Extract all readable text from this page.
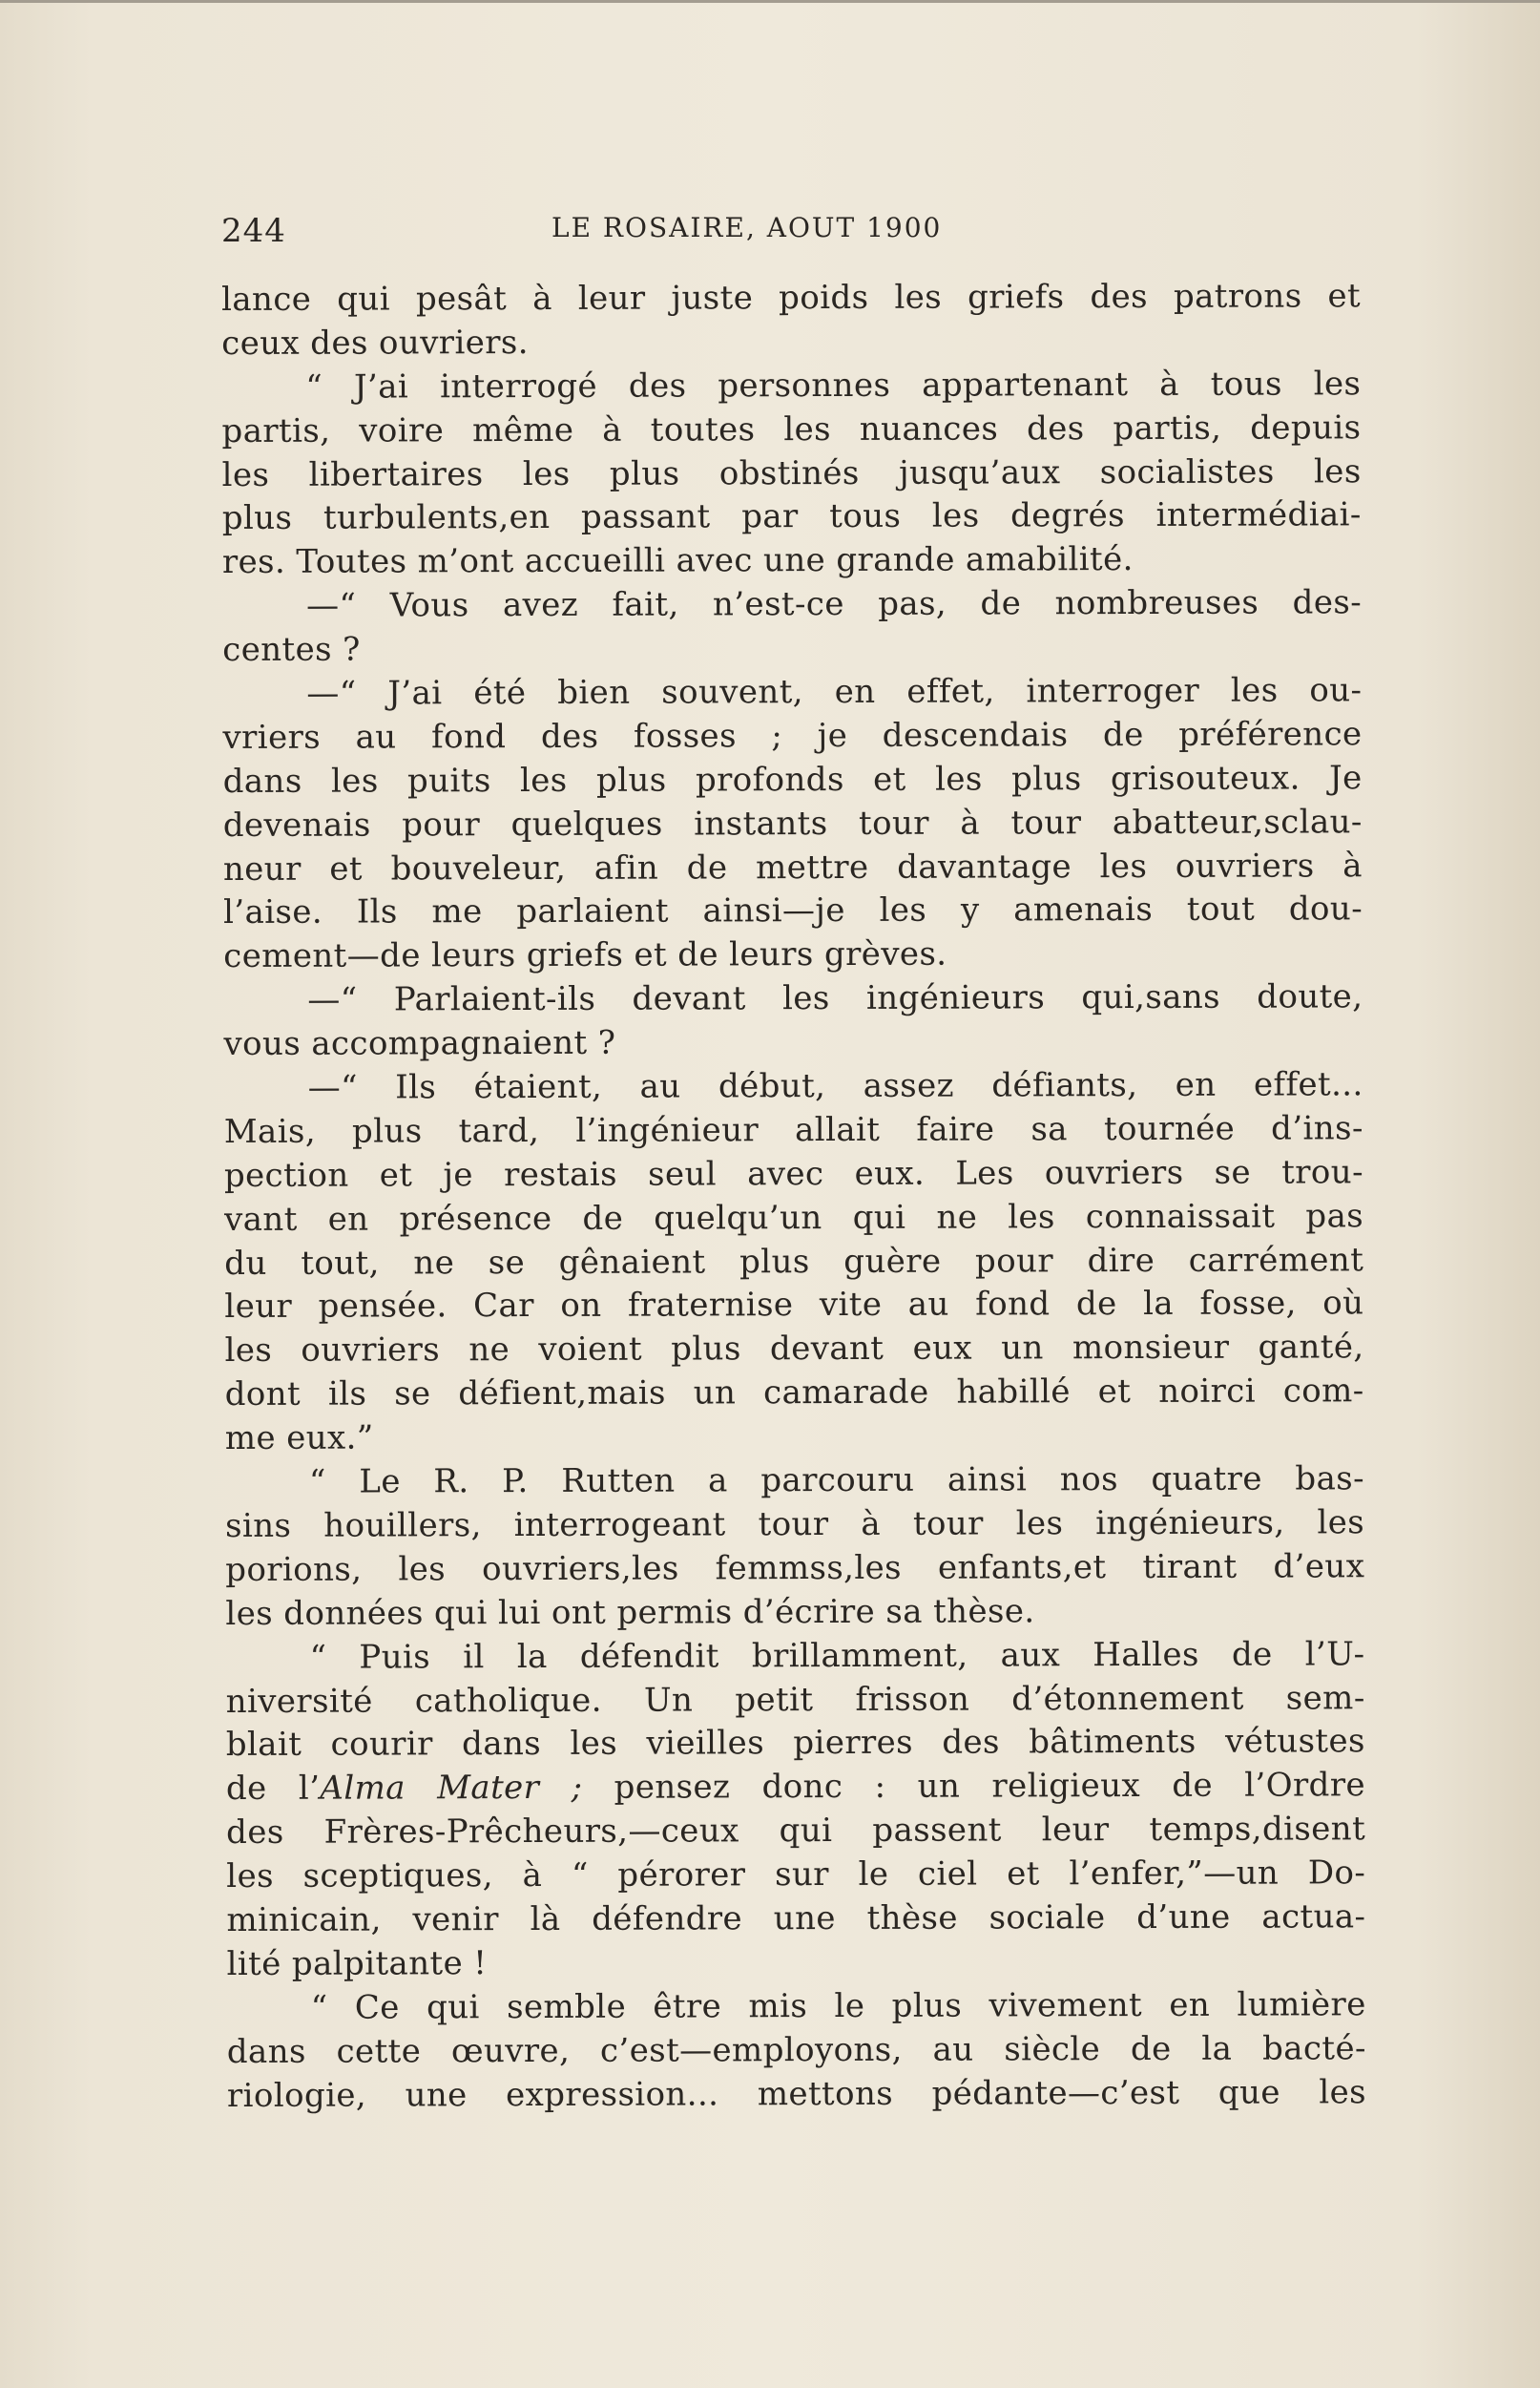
244	LE ROSAIRE, AOUT 1900
lance qui pesât à leur juste poids les griefs des patrons et
ceux des ouvriers.
“ J’ai interrogé des personnes appartenant à tous les
partis, voire même à toutes les nuances des partis, depuis
les libertaires les plus obstinés jusqu’aux socialistes les
plus turbulents,en passant par tous les degrés intermédiai-
res. Toutes m’ont accueilli avec une grande amabilité.
—“ Vous avez fait, n’est-ce pas, de nombreuses des-
centes ?
—“ J’ai été bien souvent, en effet, interroger les ou-
vriers au fond des fosses ; je descendais de préférence
dans les puits les plus profonds et les plus grisouteux. Je
devenais pour quelques instants tour à tour abatteur,sclau-
neur et bouveleur, afin de mettre davantage les ouvriers à
l’aise. Ils me parlaient ainsi—je les y amenais tout dou-
cement—de leurs griefs et de leurs grèves.
—“ Parlaient-ils devant les ingénieurs qui,sans doute,
vous accompagnaient ?
—“ Ils étaient, au début, assez défiants, en effet...
Mais, plus tard, l’ingénieur allait faire sa tournée d’ins-
pection et je restais seul avec eux. Les ouvriers se trou-
vant en présence de quelqu’un qui ne les connaissait pas
du tout, ne se gênaient plus guère pour dire carrément
leur pensée. Car on fraternise vite au fond de la fosse, où
les ouvriers ne voient plus devant eux un monsieur ganté,
dont ils se défient,mais un camarade habillé et noirci com-
me eux.”
“ Le R. P. Rutten a parcouru ainsi nos quatre bas-
sins houillers, interrogeant tour à tour les ingénieurs, les
porions, les ouvriers,les femmss,les enfants,et tirant d’eux
les données qui lui ont permis d’écrire sa thèse.
“ Puis il la défendit brillamment, aux Halles de l’U-
niversité catholique. Un petit frisson d’étonnement sem-
blait courir dans les vieilles pierres des bâtiments vétustes
de l’Alma Mater ; pensez donc : un religieux de l’Ordre
des Frères-Prêcheurs,—ceux qui passent leur temps,disent
les sceptiques, à “ pérorer sur le ciel et l’enfer,”—un Do-
minicain, venir là défendre une thèse sociale d’une actua-
lité palpitante !
“ Ce qui semble être mis le plus vivement en lumière
dans cette œuvre, c’est—employons, au siècle de la bacté-
riologie, une expression... mettons pédante—c’est que les
